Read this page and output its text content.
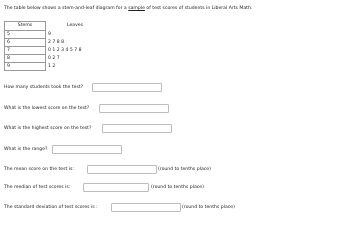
The table below shows a stem-and-leaf diagram for a sample of test scores of students in Liberal Arts Math.
Stems	Leaves
5	9
6	2 7 8 8
7	0 1 2 3 4 5 7 8
8	0 2 7
9	1 2
How many students took the test?
What is the lowest score on the test?
What is the highest score on the test?
What is the range?
The mean score on the test is:	(round to tenths place)
The median of test scores is:	(round to tenths place)
The standard deviation of test scores is :	(round to tenths place)
